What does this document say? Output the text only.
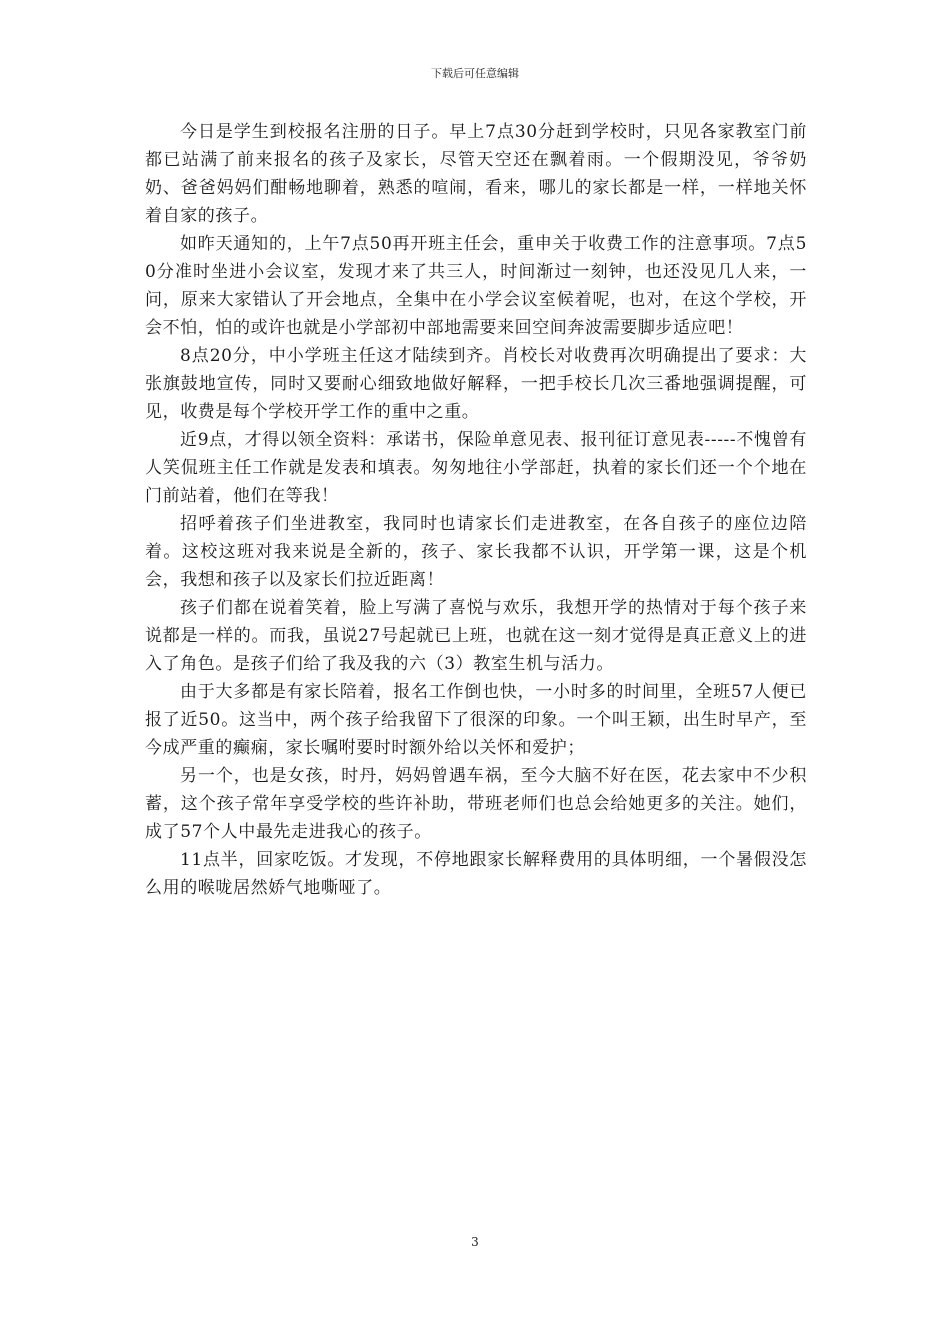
下载后可任意编辑

今日是学生到校报名注册的日子。早上7点30分赶到学校时，只见各家教室门前都已站满了前来报名的孩子及家长，尽管天空还在飘着雨。一个假期没见，爷爷奶奶、爸爸妈妈们酣畅地聊着，熟悉的喧闹，看来，哪儿的家长都是一样，一样地关怀着自家的孩子。

如昨天通知的，上午7点50再开班主任会，重申关于收费工作的注意事项。7点50分准时坐进小会议室，发现才来了共三人，时间渐过一刻钟，也还没见几人来，一问，原来大家错认了开会地点，全集中在小学会议室候着呢，也对，在这个学校，开会不怕，怕的或许也就是小学部初中部地需要来回空间奔波需要脚步适应吧！

8点20分，中小学班主任这才陆续到齐。肖校长对收费再次明确提出了要求：大张旗鼓地宣传，同时又要耐心细致地做好解释，一把手校长几次三番地强调提醒，可见，收费是每个学校开学工作的重中之重。

近9点，才得以领全资料：承诺书，保险单意见表、报刊征订意见表-----不愧曾有人笑侃班主任工作就是发表和填表。匆匆地往小学部赶，执着的家长们还一个个地在门前站着，他们在等我！

招呼着孩子们坐进教室，我同时也请家长们走进教室，在各自孩子的座位边陪着。这校这班对我来说是全新的，孩子、家长我都不认识，开学第一课，这是个机会，我想和孩子以及家长们拉近距离！

孩子们都在说着笑着，脸上写满了喜悦与欢乐，我想开学的热情对于每个孩子来说都是一样的。而我，虽说27号起就已上班，也就在这一刻才觉得是真正意义上的进入了角色。是孩子们给了我及我的六（3）教室生机与活力。

由于大多都是有家长陪着，报名工作倒也快，一小时多的时间里，全班57人便已报了近50。这当中，两个孩子给我留下了很深的印象。一个叫王颖，出生时早产，至今成严重的癫痫，家长嘱咐要时时额外给以关怀和爱护；

另一个，也是女孩，时丹，妈妈曾遇车祸，至今大脑不好在医，花去家中不少积蓄，这个孩子常年享受学校的些许补助，带班老师们也总会给她更多的关注。她们，成了57个人中最先走进我心的孩子。

11点半，回家吃饭。才发现，不停地跟家长解释费用的具体明细，一个暑假没怎么用的喉咙居然娇气地嘶哑了。

3
